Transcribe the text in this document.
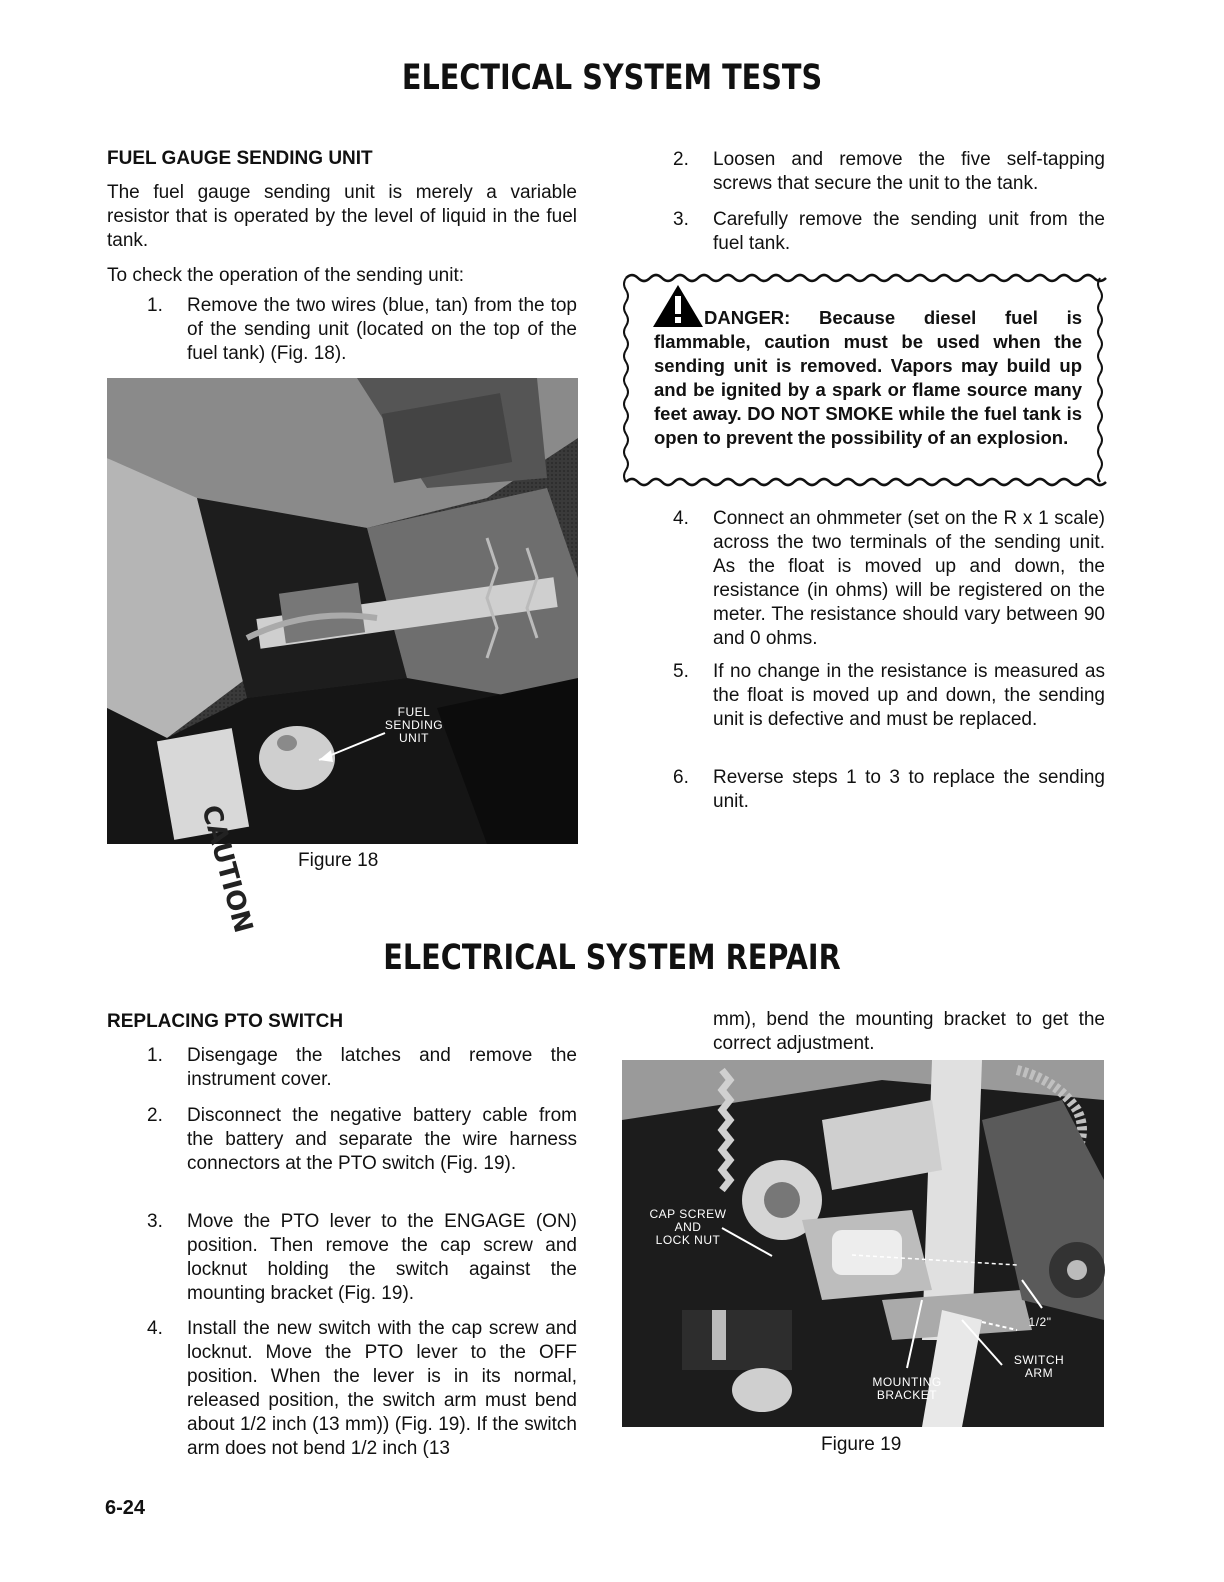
ELECTICAL SYSTEM TESTS
ELECTRICAL SYSTEM REPAIR
FUEL GAUGE SENDING UNIT
The fuel gauge sending unit is merely a variable resistor that is operated by the level of liquid in the fuel tank.
To check the operation of the sending unit:
1. Remove the two wires (blue, tan) from the top of the sending unit (located on the top of the fuel tank) (Fig. 18).
CAUTION
FUEL
SENDING
UNIT
Figure 18
2. Loosen and remove the five self-tapping screws that secure the unit to the tank.
3. Carefully remove the sending unit from the fuel tank.
DANGER: Because diesel fuel is flammable, caution must be used when the sending unit is removed. Vapors may build up and be ignited by a spark or flame source many feet away. DO NOT SMOKE while the fuel tank is open to prevent the possibility of an explosion.
4. Connect an ohmmeter (set on the R x 1 scale) across the two terminals of the sending unit. As the float is moved up and down, the resistance (in ohms) will be registered on the meter. The resistance should vary between 90 and 0 ohms.
5. If no change in the resistance is measured as the float is moved up and down, the sending unit is defective and must be replaced.
6. Reverse steps 1 to 3 to replace the sending unit.
REPLACING PTO SWITCH
1. Disengage the latches and remove the instrument cover.
2. Disconnect the negative battery cable from the battery and separate the wire harness connectors at the PTO switch (Fig. 19).
3. Move the PTO lever to the ENGAGE (ON) position. Then remove the cap screw and locknut holding the switch against the mounting bracket (Fig. 19).
4. Install the new switch with the cap screw and locknut. Move the PTO lever to the OFF position. When the lever is in its normal, released position, the switch arm must bend about 1/2 inch (13 mm)) (Fig. 19). If the switch arm does not bend 1/2 inch (13
mm), bend the mounting bracket to get the correct adjustment.
CAP SCREW
AND
LOCK NUT
1/2"
SWITCH
ARM
MOUNTING
BRACKET
Figure 19
6-24
